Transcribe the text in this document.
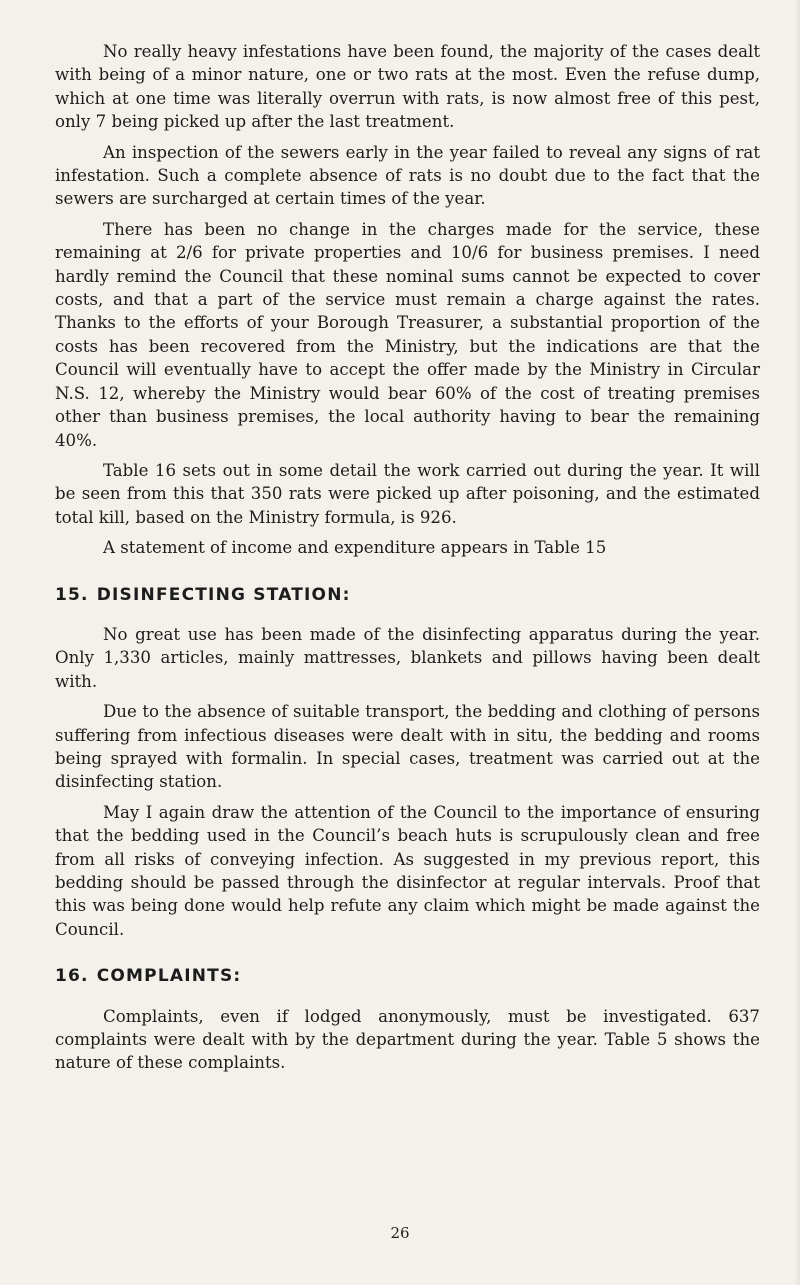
No really heavy infestations have been found, the majority of the cases dealt with being of a minor nature, one or two rats at the most. Even the refuse dump, which at one time was literally overrun with rats, is now almost free of this pest, only 7 being picked up after the last treatment.

An inspection of the sewers early in the year failed to reveal any signs of rat infestation. Such a complete absence of rats is no doubt due to the fact that the sewers are surcharged at certain times of the year.

There has been no change in the charges made for the service, these remaining at 2/6 for private properties and 10/6 for business premises. I need hardly remind the Council that these nominal sums cannot be expected to cover costs, and that a part of the service must remain a charge against the rates. Thanks to the efforts of your Borough Treasurer, a substantial proportion of the costs has been recovered from the Ministry, but the indications are that the Council will eventually have to accept the offer made by the Ministry in Circular N.S. 12, whereby the Ministry would bear 60% of the cost of treating premises other than business premises, the local authority having to bear the remaining 40%.

Table 16 sets out in some detail the work carried out during the year. It will be seen from this that 350 rats were picked up after poisoning, and the estimated total kill, based on the Ministry formula, is 926.

A statement of income and expenditure appears in Table 15

15. DISINFECTING STATION:

No great use has been made of the disinfecting apparatus during the year. Only 1,330 articles, mainly mattresses, blankets and pillows having been dealt with.

Due to the absence of suitable transport, the bedding and clothing of persons suffering from infectious diseases were dealt with in situ, the bedding and rooms being sprayed with formalin. In special cases, treatment was carried out at the disinfecting station.

May I again draw the attention of the Council to the importance of ensuring that the bedding used in the Council’s beach huts is scrupulously clean and free from all risks of conveying infection. As suggested in my previous report, this bedding should be passed through the disinfector at regular intervals. Proof that this was being done would help refute any claim which might be made against the Council.

16. COMPLAINTS:

Complaints, even if lodged anonymously, must be investigated. 637 complaints were dealt with by the department during the year. Table 5 shows the nature of these complaints.

26
